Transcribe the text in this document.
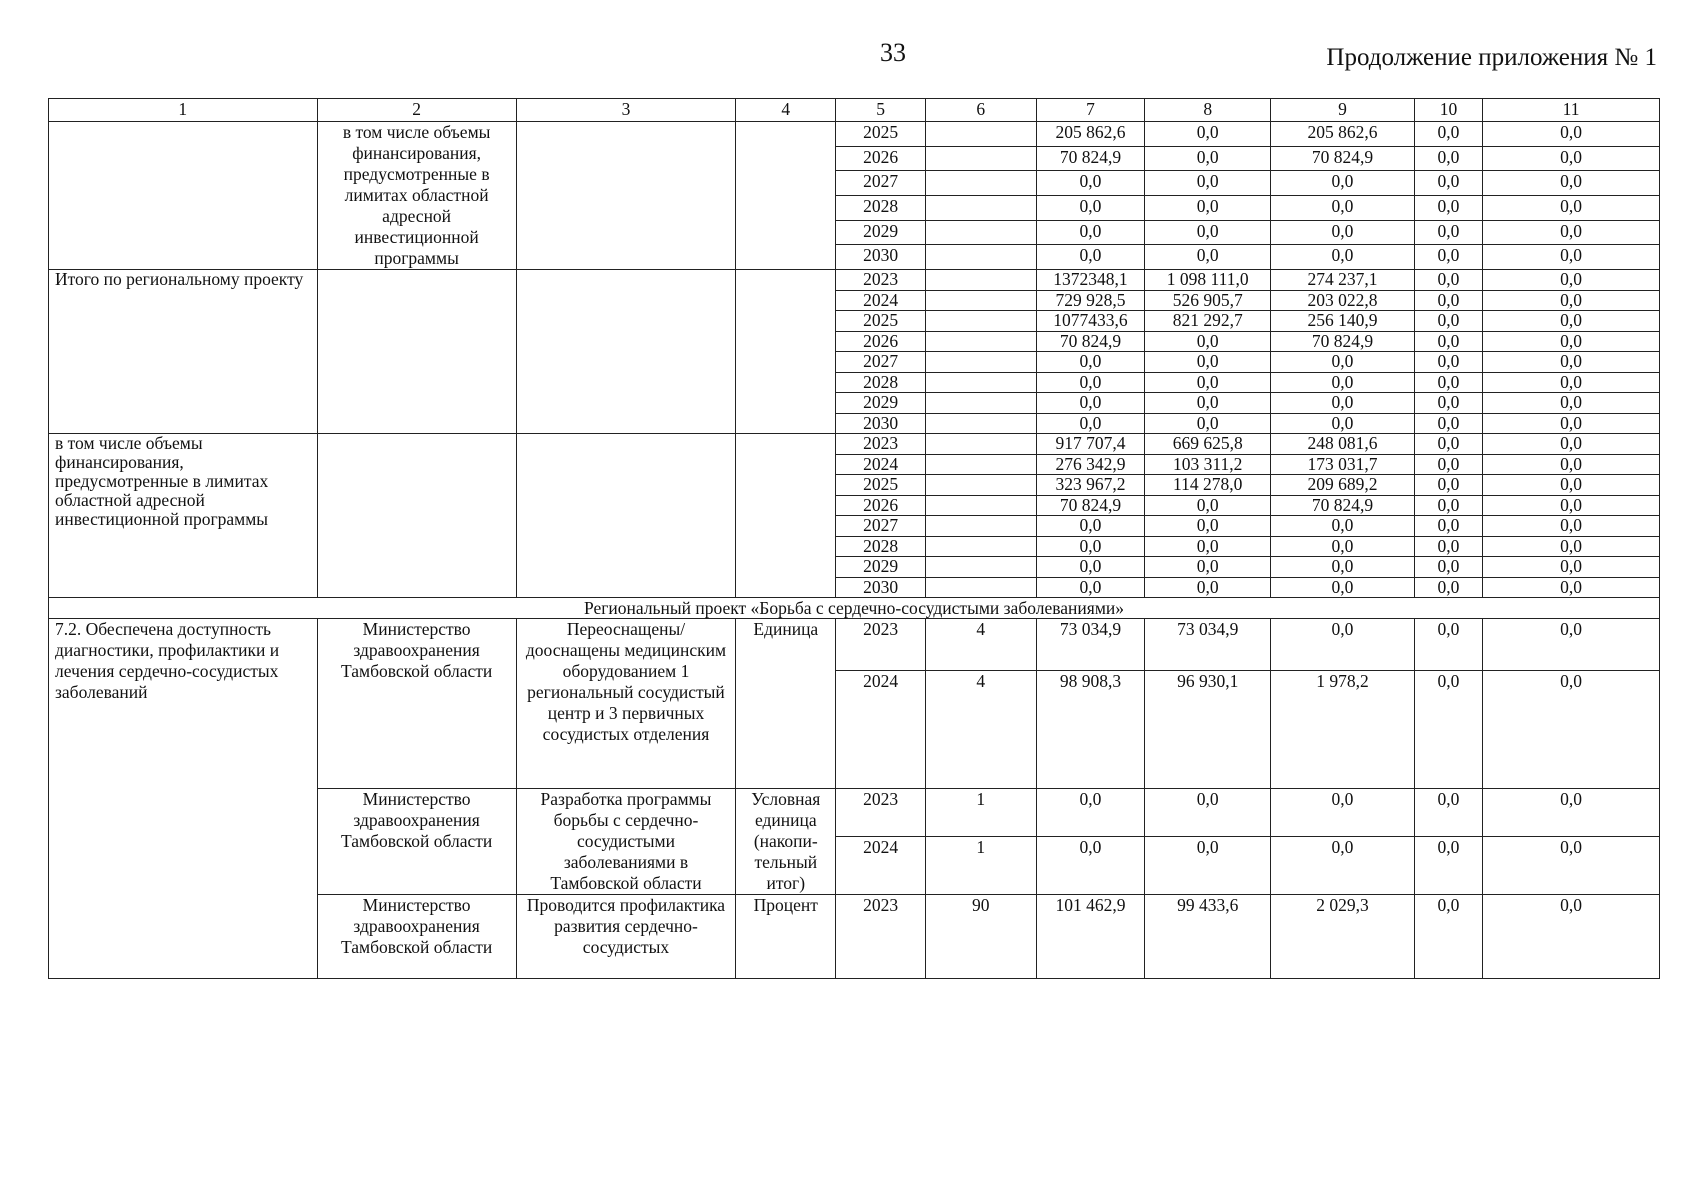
33	Продолжение приложения № 1
1	2	3	4	5	6	7	8	9	10	11
	в том числе объемы финансирования, предусмотренные в лимитах областной адресной инвестиционной программы			2025		205 862,6	0,0	205 862,6	0,0	0,0
				2026		70 824,9	0,0	70 824,9	0,0	0,0
				2027		0,0	0,0	0,0	0,0	0,0
				2028		0,0	0,0	0,0	0,0	0,0
				2029		0,0	0,0	0,0	0,0	0,0
				2030		0,0	0,0	0,0	0,0	0,0
Итого по региональному проекту				2023		1372348,1	1 098 111,0	274 237,1	0,0	0,0
				2024		729 928,5	526 905,7	203 022,8	0,0	0,0
				2025		1077433,6	821 292,7	256 140,9	0,0	0,0
				2026		70 824,9	0,0	70 824,9	0,0	0,0
				2027		0,0	0,0	0,0	0,0	0,0
				2028		0,0	0,0	0,0	0,0	0,0
				2029		0,0	0,0	0,0	0,0	0,0
				2030		0,0	0,0	0,0	0,0	0,0
в том числе объемы финансирования, предусмотренные в лимитах областной адресной инвестиционной программы				2023		917 707,4	669 625,8	248 081,6	0,0	0,0
				2024		276 342,9	103 311,2	173 031,7	0,0	0,0
				2025		323 967,2	114 278,0	209 689,2	0,0	0,0
				2026		70 824,9	0,0	70 824,9	0,0	0,0
				2027		0,0	0,0	0,0	0,0	0,0
				2028		0,0	0,0	0,0	0,0	0,0
				2029		0,0	0,0	0,0	0,0	0,0
				2030		0,0	0,0	0,0	0,0	0,0
Региональный проект «Борьба с сердечно-сосудистыми заболеваниями»										
7.2. Обеспечена доступность диагностики, профилактики и лечения сердечно-сосудистых заболеваний	Министерство здравоохранения Тамбовской области	Переоснащены/ дооснащены медицинским оборудованием 1 региональный сосудистый центр и 3 первичных сосудистых отделения	Единица	2023	4	73 034,9	73 034,9	0,0	0,0	0,0
				2024	4	98 908,3	96 930,1	1 978,2	0,0	0,0
	Министерство здравоохранения Тамбовской области	Разработка программы борьбы с сердечно-сосудистыми заболеваниями в Тамбовской области	Условная единица (накопи-тельный итог)	2023	1	0,0	0,0	0,0	0,0	0,0
				2024	1	0,0	0,0	0,0	0,0	0,0
	Министерство здравоохранения Тамбовской области	Проводится профилактика развития сердечно-сосудистых	Процент	2023	90	101 462,9	99 433,6	2 029,3	0,0	0,0
